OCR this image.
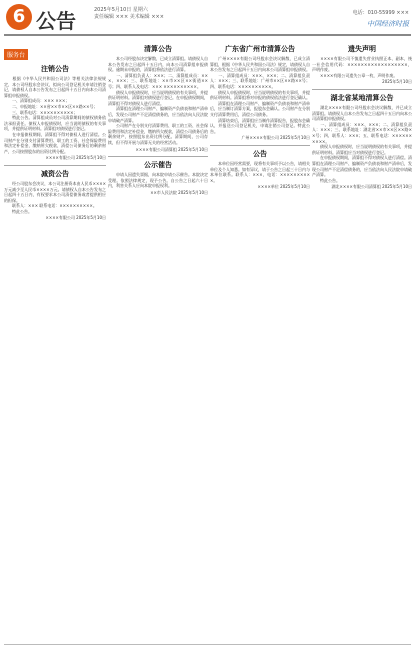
6 公告	2025年5月10日 星期六
责任编辑 ××× 美术编辑 ×××
电话：010-55999 ×××
中国经济时报
服务台
注销公告

　　根据《中华人民共和国公司法》等相关法律法规规定，本公司经股东会决议，拟向公司登记机关申请注销登记，请债权人自本公告发布之日起四十五日内向本公司清算组申报债权。

　　一、清算组成员：××× ×××；

　　二、申报地址：××省××市××区××路××号；

　　三、联系电话：××××××××××；

　　特此公告。清算组成员对公司清算期间的债权债务依法承担责任。债权人申报债权时，应当说明债权的有关事项，并提供证明材料。清算组对债权进行登记。

　　在申报债权期间，清算组不得对债权人进行清偿。公司财产在分别支付清算费用、职工的工资、社会保险费用和法定补偿金，缴纳所欠税款，清偿公司债务后的剩余财产，公司按照股东的出资比例分配。

××××有限公司 2025年5月10日
减资公告

　　经公司股东会决议，本公司注册资本由人民币××××万元减少至人民币××××万元。请债权人自本公告发布之日起四十五日内，有权要求本公司清偿债务或者提供相应的担保。

　　联系人：××× 联系电话：××××××××××。

　　特此公告。

××××有限公司 2025年5月10日
清算公告

　　本公司经股东决定解散，已成立清算组。请债权人自本公告发布之日起四十五日内，向本公司清算组申报债权。逾期未申报的，清算组将依法进行清算。

　　一、清算组负责人：×××；二、清算组成员：×××、×××；三、联系地址：××市××区××街道××号；四、联系人及电话：××× ××××××××××。

　　债权人申报债权时，应当说明债权的有关事项，并提供证明材料。清算组对债权进行登记。在申报债权期间，清算组不得对债权人进行清偿。

　　清算组在清理公司财产、编制资产负债表和财产清单后，发现公司财产不足清偿债务的，应当依法向人民法院申请破产清算。

　　公司财产在分别支付清算费用、职工的工资、社会保险费用和法定补偿金，缴纳所欠税款，清偿公司债务后的剩余财产，按照股东出资比例分配。清算期间，公司存续，但不得开展与清算无关的经营活动。

××××有限公司清算组 2025年5月10日
公示催告

　　申请人因遗失票据，向本院申请公示催告。本院决定受理。依照法律规定，现予公告。自公告之日起六十日内，利害关系人应向本院申报权利。

××市人民法院 2025年5月10日
广东省广州市清算公告

　　广州××××有限公司经股东会决议解散，已成立清算组，根据《中华人民共和国公司法》规定，请债权人自本公告发布之日起四十五日内向本公司清算组申报债权。

　　一、清算组成员：×××、×××；二、清算组负责人：×××；三、联系地址：广州市××区××路××号；四、联系电话：××××××××××。

　　债权人申报债权时，应当说明债权的有关事项，并提供证明材料。清算组将对申报的债权依法进行登记确认。

　　清算组在清理公司财产、编制资产负债表和财产清单后，应当制订清算方案，报股东会确认。公司财产在分别支付清算费用后，清偿公司债务。

　　清算结束后，清算组应当制作清算报告，报股东会确认，并报送公司登记机关，申请注销公司登记。特此公告。

广州××××有限公司 2025年5月10日
公告

　　本单位因经营需要，现将有关事项予以公告，请相关单位及个人知悉。如有异议，请于公告之日起三十日内与本单位联系。联系人：×××，电话：××××××××××。

××××单位 2025年5月10日
遗失声明

　　××××有限公司不慎遗失营业执照正本、副本，统一社会信用代码：××××××××××××××××××，声明作废。

　　××××有限公司遗失公章一枚，声明作废。

2025年5月10日
湖北省某地清算公告

　　湖北××××有限公司经股东会决议解散，并已成立清算组。请债权人自本公告发布之日起四十五日内向本公司清算组申报债权。

　　一、清算组成员：×××、×××；二、清算组负责人：×××；三、联系地址：湖北省××市××区××路××号；四、联系人：×××；五、联系电话：××××××××××。

　　债权人申报债权时，应当说明债权的有关事项，并提供证明材料。清算组应当对债权进行登记。

　　在申报债权期间，清算组不得对债权人进行清偿。清算组在清理公司财产、编制资产负债表和财产清单后，发现公司财产不足清偿债务的，应当依法向人民法院申请破产清算。

　　特此公告。

湖北××××有限公司清算组 2025年5月10日
